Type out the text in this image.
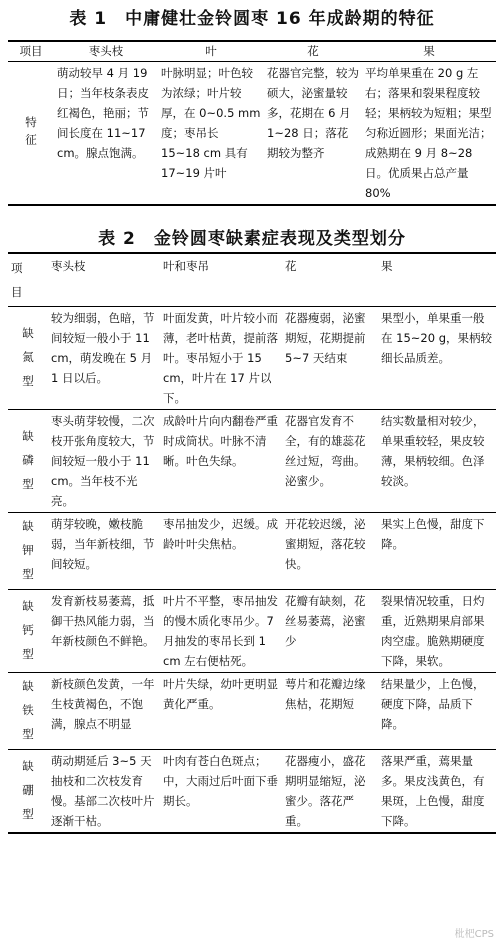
表 1　中庸健壮金铃圆枣 16 年成龄期的特征
项目	枣头枝	叶	花	果
特征	萌动较早 4 月 19 日；当年枝条表皮红褐色，艳丽；节间长度在 11~17 cm。腺点饱满。	叶脉明显；叶色较为浓绿；叶片较厚，在 0~0.5 mm 度；枣吊长 15~18 cm 具有 17~19 片叶	花器官完整，较为硕大，泌蜜量较多，花期在 6 月 1~28 日；落花期较为整齐	平均单果重在 20 g 左右；落果和裂果程度较轻；果柄较为短粗；果型匀称近圆形；果面光洁；成熟期在 9 月 8~28 日。优质果占总产量 80%
表 2　金铃圆枣缺素症表现及类型划分
项目	枣头枝	叶和枣吊	花	果
缺氮型	较为细弱，色暗，节间较短一般小于 11 cm，萌发晚在 5 月 1 日以后。	叶面发黄，叶片较小而薄，老叶枯黄，提前落叶。枣吊短小于 15 cm，叶片在 17 片以下。	花器瘦弱，泌蜜期短，花期提前 5~7 天结束	果型小，单果重一般在 15~20 g，果柄较细长品质差。
缺磷型	枣头萌芽较慢，二次枝开张角度较大，节间较短一般小于 11 cm。当年枝不光亮。	成龄叶片向内翻卷严重时成筒状。叶脉不清晰。叶色失绿。	花器官发育不全，有的雄蕊花丝过短，弯曲。泌蜜少。	结实数量相对较少，单果重较轻，果皮较薄，果柄较细。色泽较淡。
缺钾型	萌芽较晚，嫩枝脆弱，当年新枝细，节间较短。	枣吊抽发少，迟缓。成龄叶叶尖焦枯。	开花较迟缓，泌蜜期短，落花较快。	果实上色慢，甜度下降。
缺钙型	发育新枝易萎蔫，抵御干热风能力弱，当年新枝颜色不鲜艳。	叶片不平整，枣吊抽发的慢木质化枣吊少。7 月抽发的枣吊长到 1 cm 左右便枯死。	花瓣有缺刻，花丝易萎蔫，泌蜜少	裂果情况较重，日灼重，近熟期果肩部果肉空虚。脆熟期硬度下降，果软。
缺铁型	新枝颜色发黄，一年生枝黄褐色，不饱满，腺点不明显	叶片失绿，幼叶更明显黄化严重。	萼片和花瓣边缘焦枯，花期短	结果量少，上色慢，硬度下降，品质下降。
缺硼型	萌动期延后 3~5 天抽枝和二次枝发育慢。基部二次枝叶片逐渐干枯。	叶肉有苍白色斑点；中，大雨过后叶面下垂期长。	花器瘦小，盛花期明显缩短，泌蜜少。落花严重。	落果严重，蔫果量多。果皮浅黄色，有果斑，上色慢，甜度下降。
枇杷CPS
